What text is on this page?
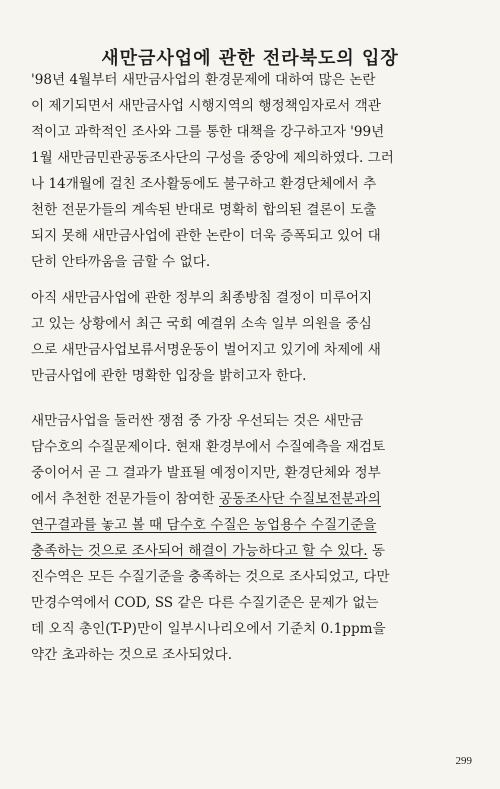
새만금사업에 관한 전라북도의 입장

'98년 4월부터 새만금사업의 환경문제에 대하여 많은 논란
이 제기되면서 새만금사업 시행지역의 행정책임자로서 객관
적이고 과학적인 조사와 그를 통한 대책을 강구하고자 '99년
1월 새만금민관공동조사단의 구성을 중앙에 제의하였다. 그러
나 14개월에 걸친 조사활동에도 불구하고 환경단체에서 추
천한 전문가들의 계속된 반대로 명확히 합의된 결론이 도출
되지 못해 새만금사업에 관한 논란이 더욱 증폭되고 있어 대
단히 안타까움을 금할 수 없다.

아직 새만금사업에 관한 정부의 최종방침 결정이 미루어지
고 있는 상황에서 최근 국회 예결위 소속 일부 의원을 중심
으로 새만금사업보류서명운동이 벌어지고 있기에 차제에 새
만금사업에 관한 명확한 입장을 밝히고자 한다.

새만금사업을 둘러싼 쟁점 중 가장 우선되는 것은 새만금
담수호의 수질문제이다. 현재 환경부에서 수질예측을 재검토
중이어서 곧 그 결과가 발표될 예정이지만, 환경단체와 정부
에서 추천한 전문가들이 참여한 공동조사단 수질보전분과의
연구결과를 놓고 볼 때 담수호 수질은 농업용수 수질기준을
충족하는 것으로 조사되어 해결이 가능하다고 할 수 있다. 동
진수역은 모든 수질기준을 충족하는 것으로 조사되었고, 다만
만경수역에서 COD, SS 같은 다른 수질기준은 문제가 없는
데 오직 총인(T-P)만이 일부시나리오에서 기준치 0.1ppm을
약간 초과하는 것으로 조사되었다.

299
